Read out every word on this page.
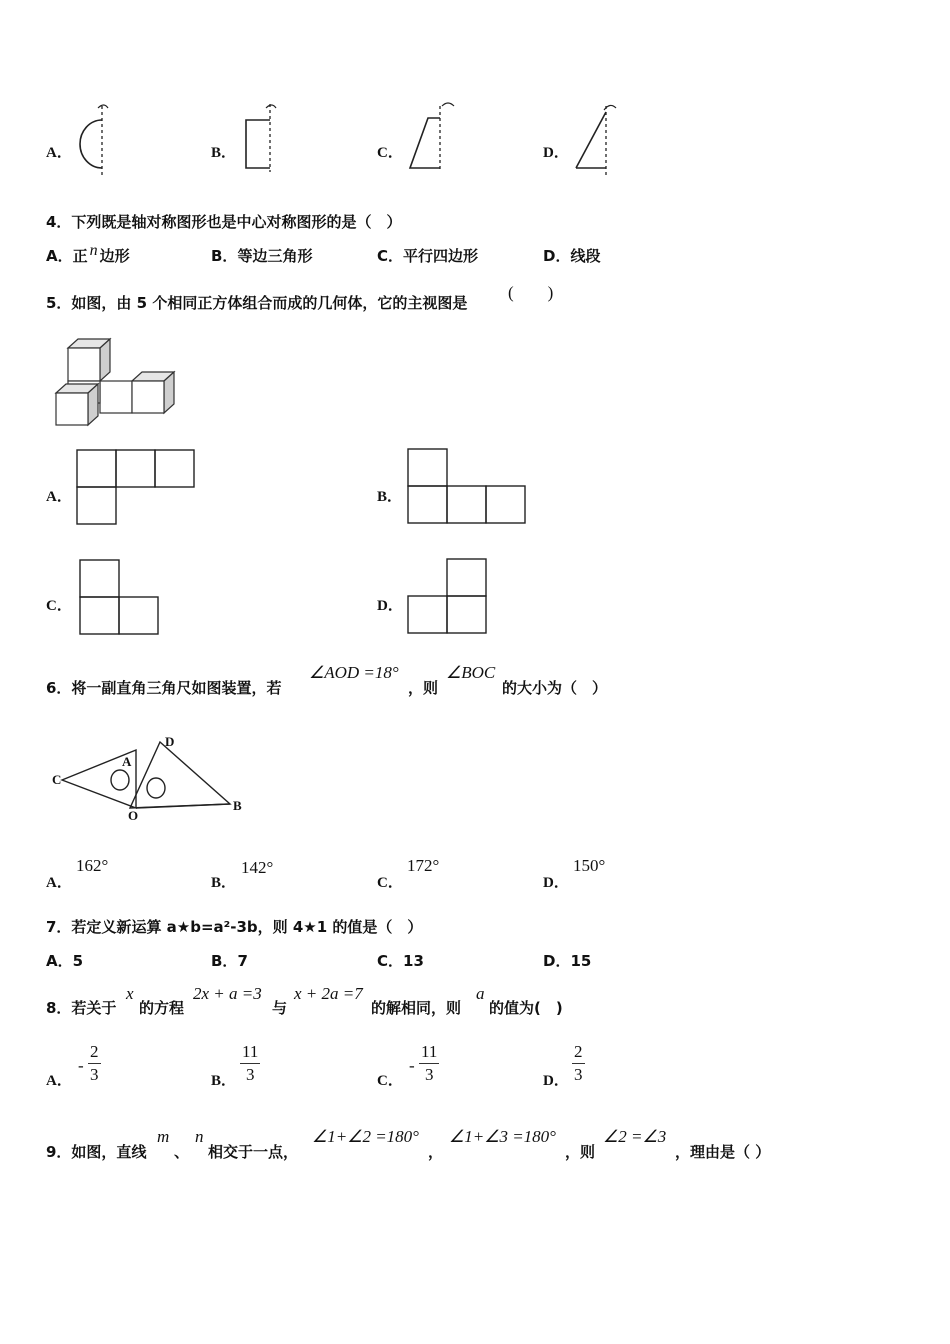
A．	B．	C．	D．
4．下列既是轴对称图形也是中心对称图形的是（　）
A．正 n 边形	B．等边三角形	C．平行四边形	D．线段
5．如图，由 5 个相同正方体组合而成的几何体，它的主视图是
(　　)
A．	B．
C．	D．
6．将一副直角三角尺如图装置，若
∠AOD =18°
，则
∠BOC
的大小为（　）
C
A
D
O
B
A．
162°
B．
142°
C．
172°
D．
150°
7．若定义新运算 a★b=a²-3b，则 4★1 的值是（　）
A．5	B．7	C．13	D．15
8．若关于
x
的方程
2x + a =3
与
x + 2a =7
的解相同，则
a
的值为(　)
A．
-
2
3	B．
11
3	C．
-
11
3	D．
2
3
9．如图，直线
m
、
n
相交于一点，
∠1+∠2 =180°
，
∠1+∠3 =180°
，则
∠2 =∠3
，理由是（ ）
